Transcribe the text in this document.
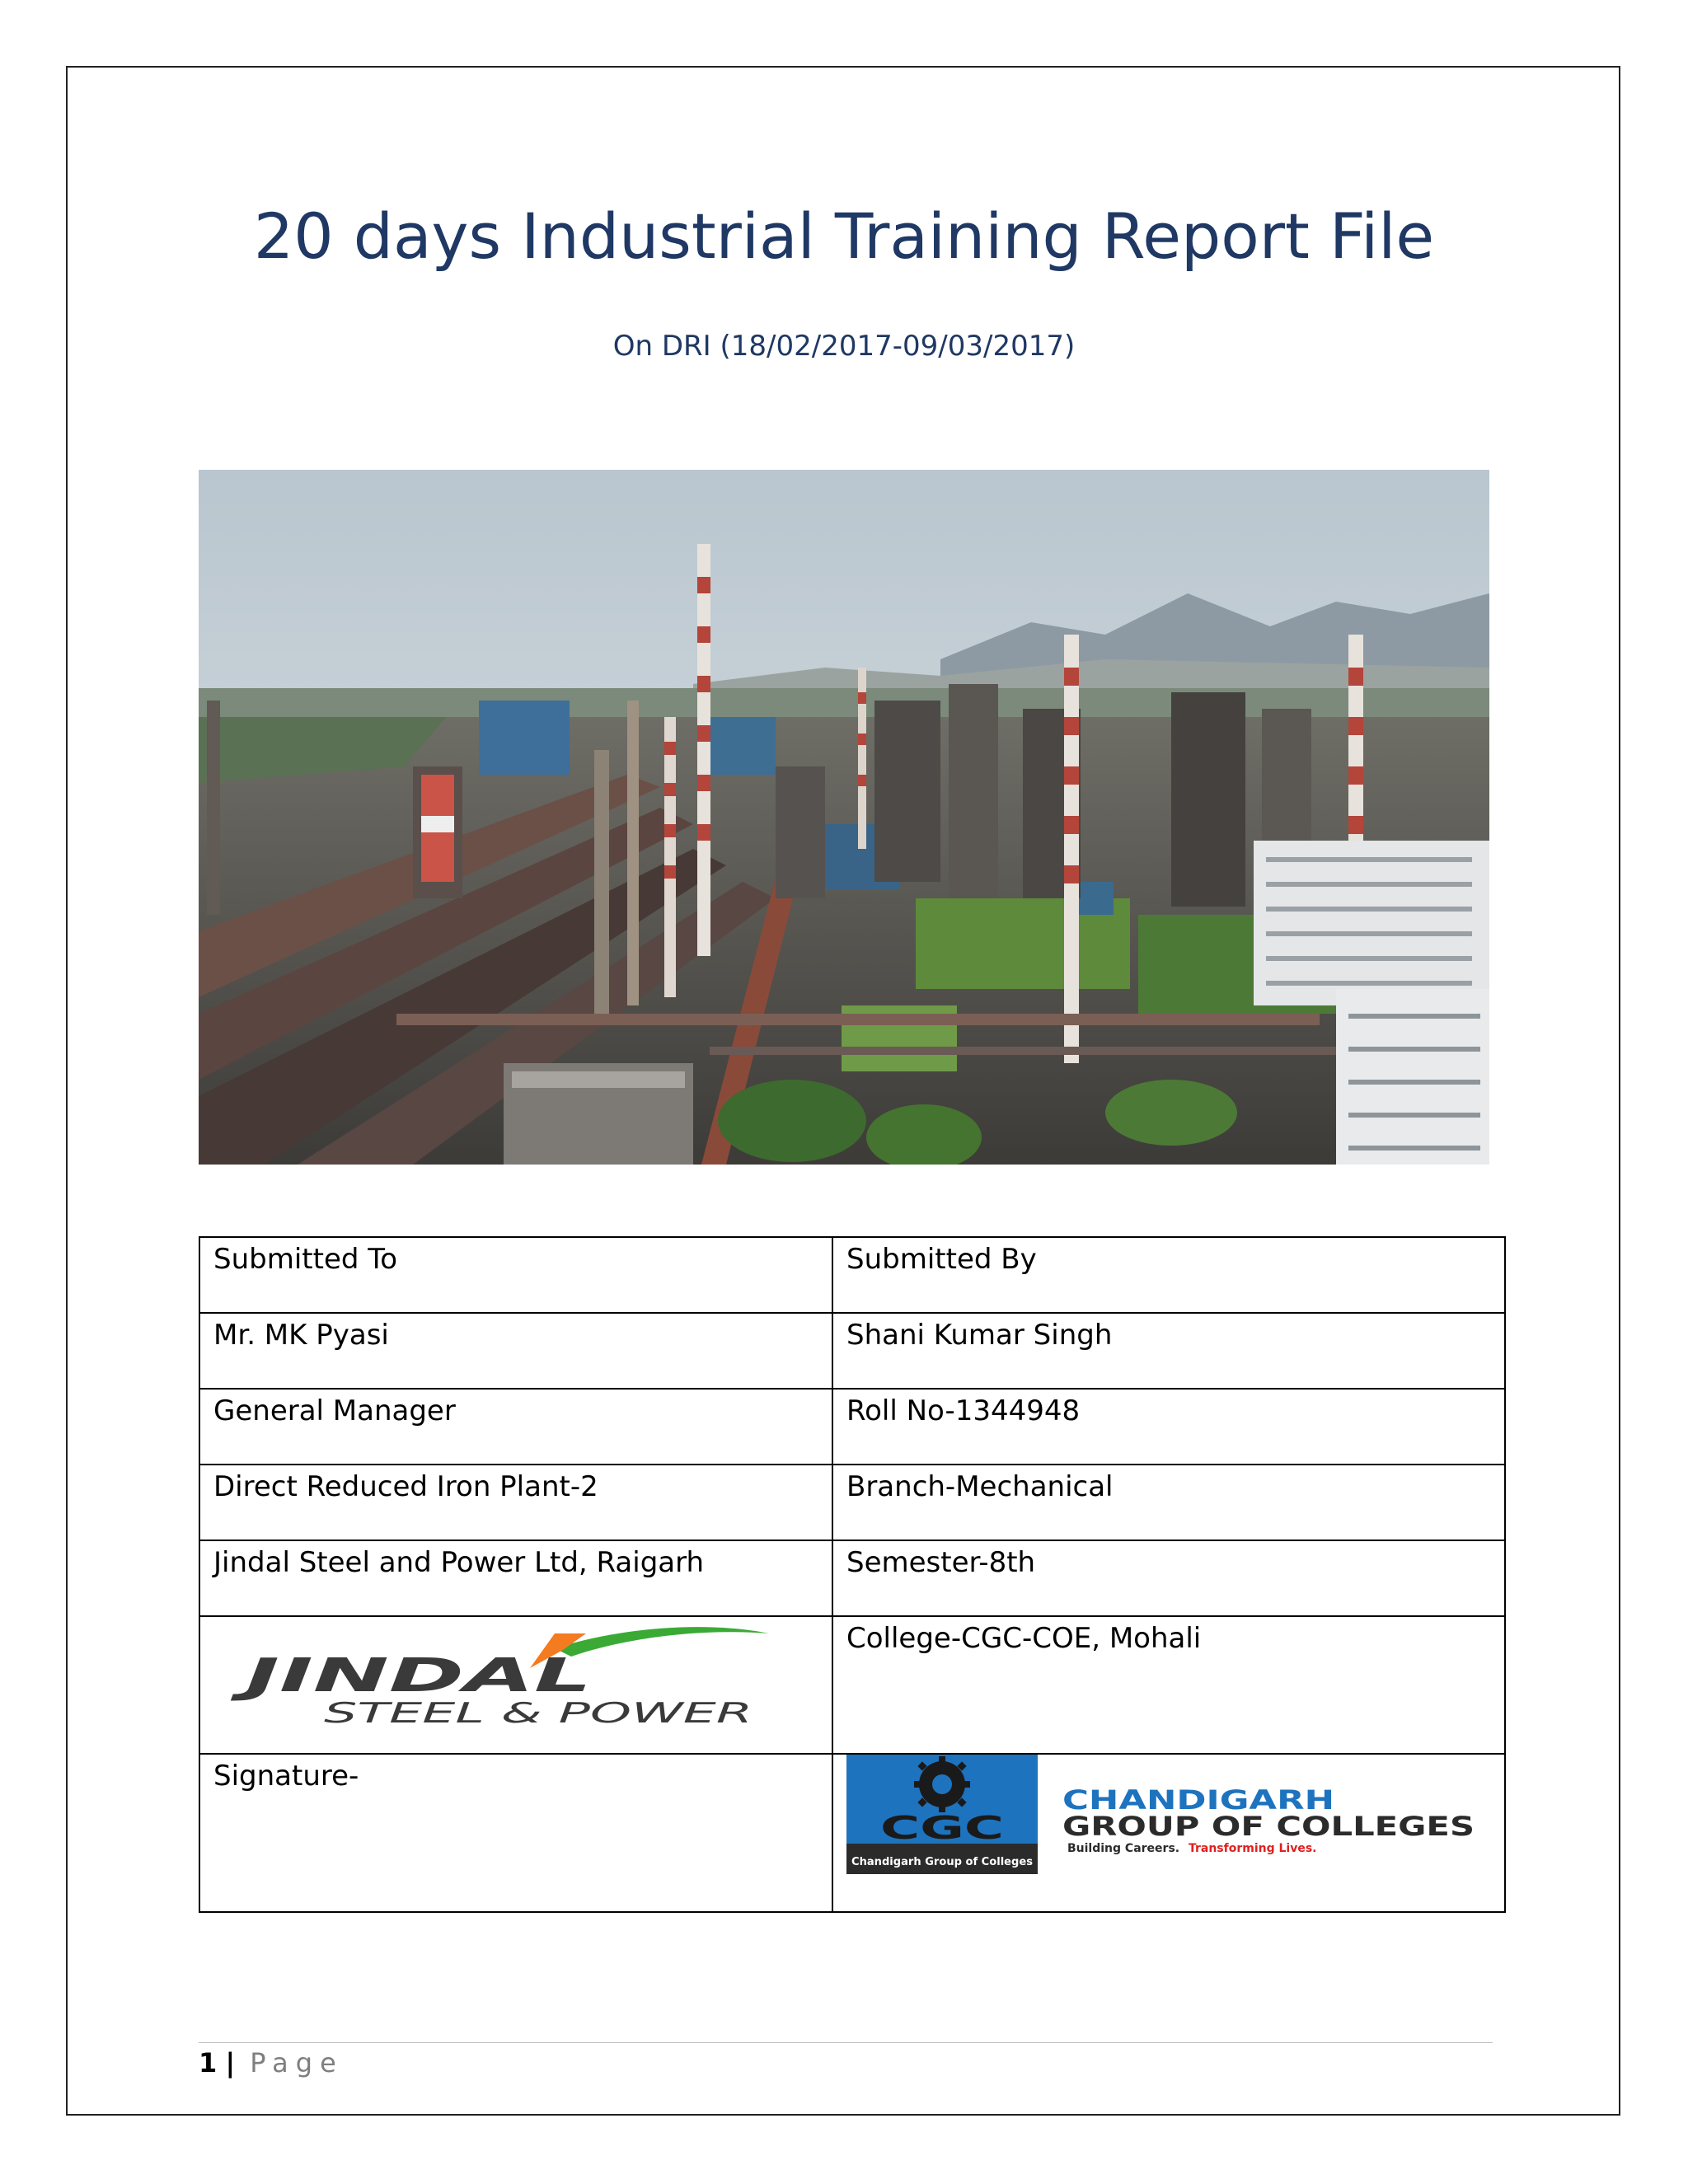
20 days Industrial Training Report File
On DRI (18/02/2017-09/03/2017)
Submitted To	Submitted By
Mr. MK Pyasi	Shani Kumar Singh
General Manager	Roll No-1344948
Direct Reduced Iron Plant-2	Branch-Mechanical
Jindal Steel and Power Ltd, Raigarh	Semester-8th

JINDAL
STEEL & POWER	College-CGC-COE, Mohali
Signature-	CGC
Chandigarh Group of Colleges
CHANDIGARH
GROUP OF COLLEGES
Building Careers. Transforming Lives.
1 | Page
